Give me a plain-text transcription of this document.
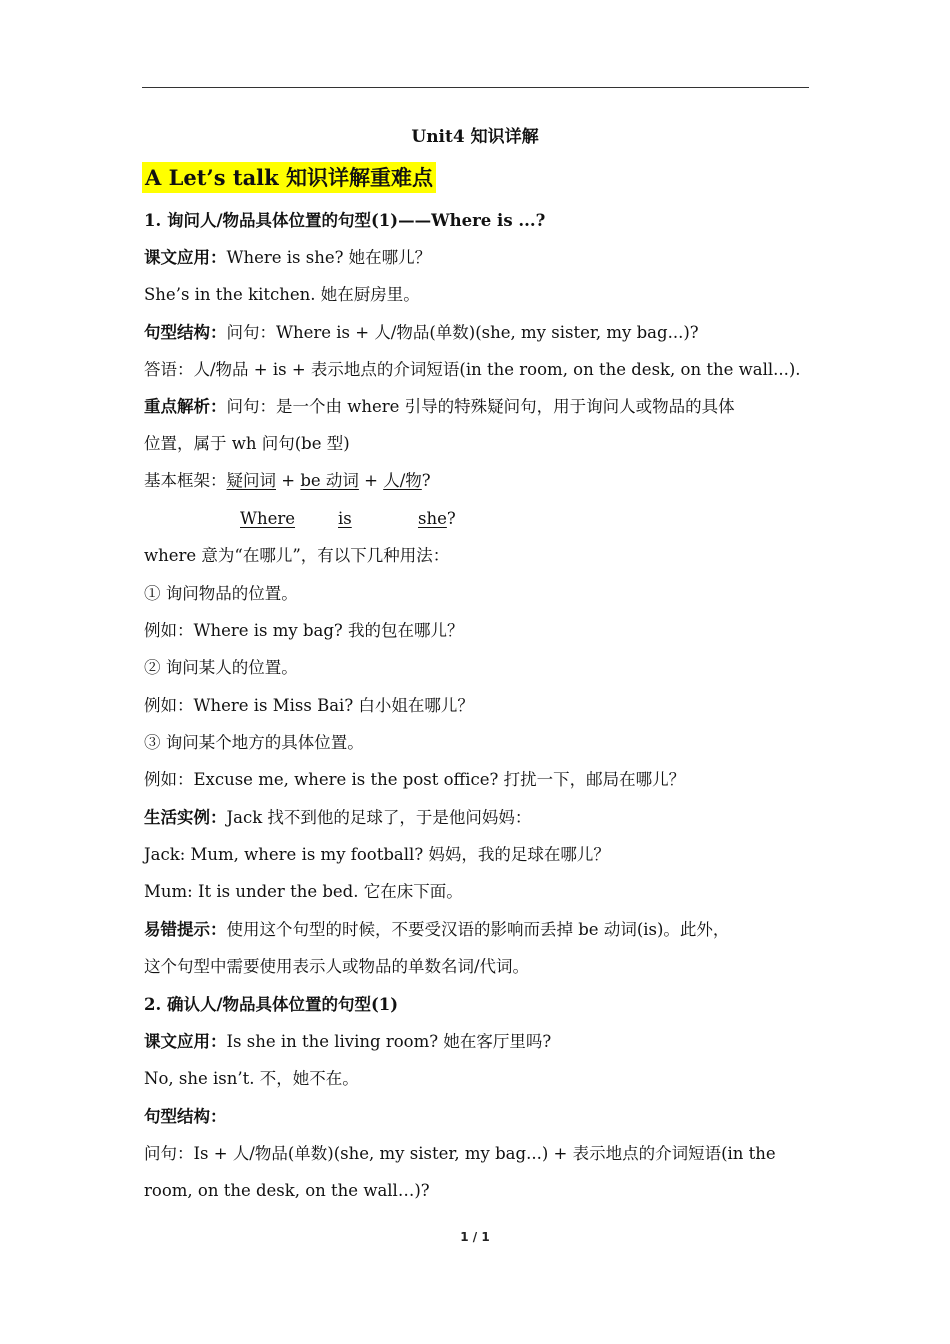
Unit4 知识详解
A Let’s talk 知识详解重难点
1. 询问人/物品具体位置的句型(1)——Where is ...?
课文应用：Where is she? 她在哪儿？
She’s in the kitchen. 她在厨房里。
句型结构：问句：Where is + 人/物品(单数)(she, my sister, my bag...)?
答语：人/物品 + is + 表示地点的介词短语(in the room, on the desk, on the wall...).
重点解析：问句：是一个由 where 引导的特殊疑问句，用于询问人或物品的具体
位置，属于 wh 问句(be 型)
基本框架：疑问词 + be 动词 + 人/物?
Where	is	she?
where 意为“在哪儿”，有以下几种用法：
① 询问物品的位置。
例如：Where is my bag? 我的包在哪儿？
② 询问某人的位置。
例如：Where is Miss Bai? 白小姐在哪儿？
③ 询问某个地方的具体位置。
例如：Excuse me, where is the post office? 打扰一下，邮局在哪儿？
生活实例：Jack 找不到他的足球了，于是他问妈妈：
Jack: Mum, where is my football? 妈妈，我的足球在哪儿？
Mum: It is under the bed. 它在床下面。
易错提示：使用这个句型的时候，不要受汉语的影响而丢掉 be 动词(is)。此外，
这个句型中需要使用表示人或物品的单数名词/代词。
2. 确认人/物品具体位置的句型(1)
课文应用：Is she in the living room? 她在客厅里吗?
No, she isn’t. 不，她不在。
句型结构：
问句：Is + 人/物品(单数)(she, my sister, my bag...) + 表示地点的介词短语(in the
room, on the desk, on the wall…)?
1 / 1
